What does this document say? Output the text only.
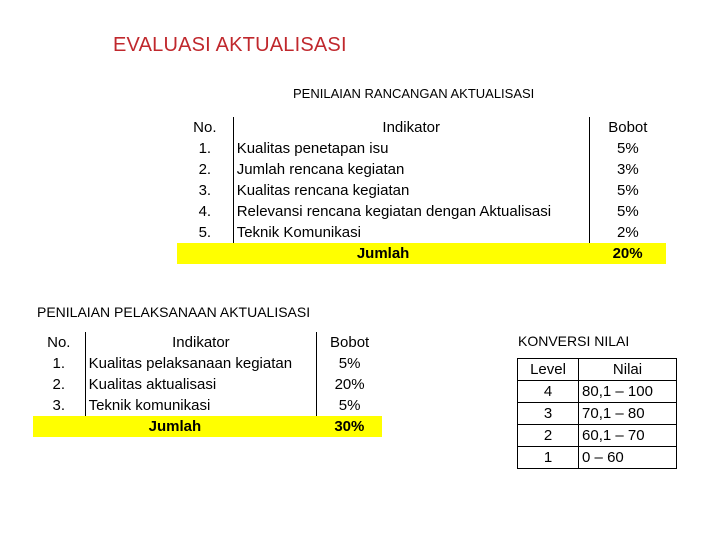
EVALUASI AKTUALISASI
PENILAIAN RANCANGAN AKTUALISASI
No.	Indikator	Bobot
1.	Kualitas penetapan isu	5%
2.	Jumlah rencana kegiatan	3%
3.	Kualitas rencana kegiatan	5%
4.	Relevansi rencana kegiatan dengan Aktualisasi	5%
5.	Teknik Komunikasi	2%
Jumlah		20%
PENILAIAN PELAKSANAAN AKTUALISASI
No.	Indikator	Bobot
1.	Kualitas pelaksanaan kegiatan	5%
2.	Kualitas aktualisasi	20%
3.	Teknik komunikasi	5%
Jumlah		30%
KONVERSI NILAI
Level	Nilai
4	80,1 – 100
3	70,1 – 80
2	60,1 – 70
1	0 – 60
